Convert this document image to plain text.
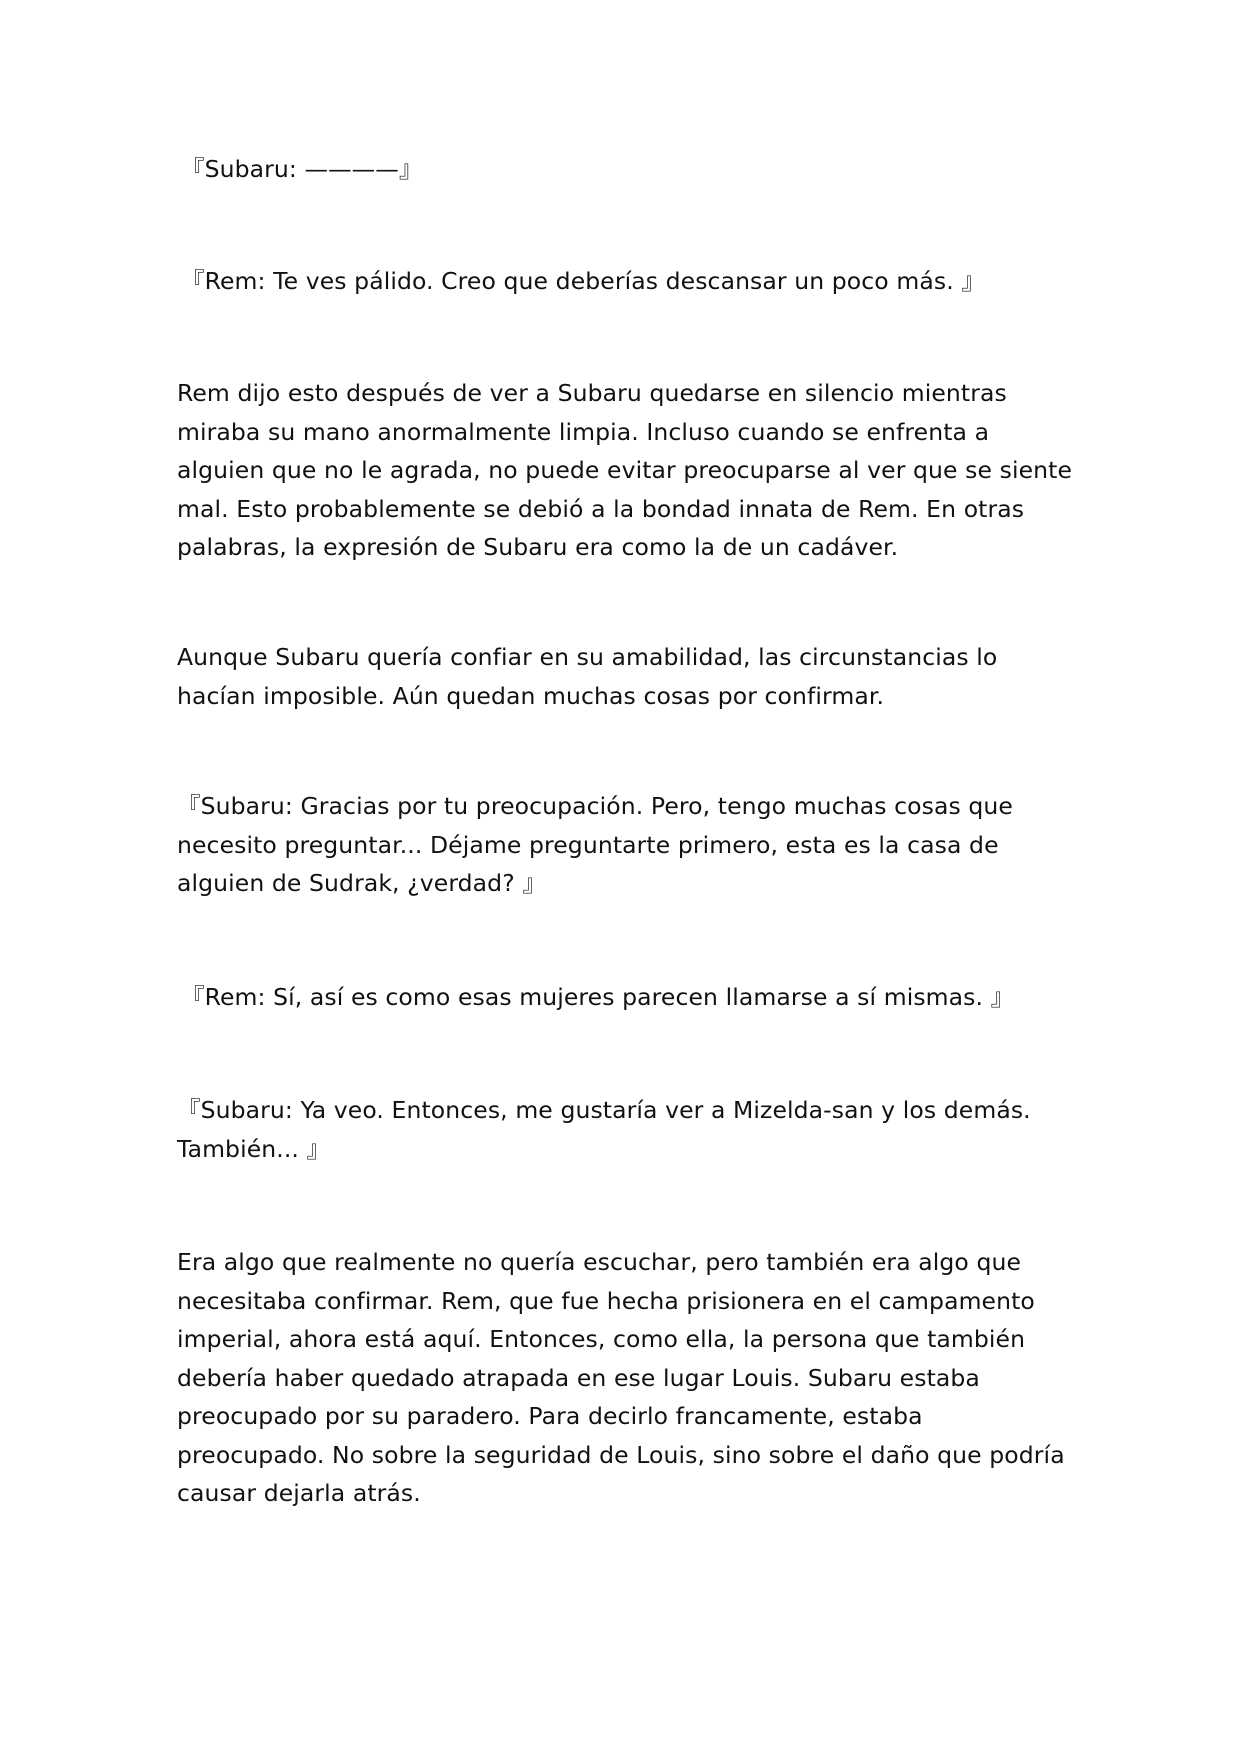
『Subaru: ————』

『Rem: Te ves pálido. Creo que deberías descansar un poco más. 』

Rem dijo esto después de ver a Subaru quedarse en silencio mientras miraba su mano anormalmente limpia. Incluso cuando se enfrenta a alguien que no le agrada, no puede evitar preocuparse al ver que se siente mal. Esto probablemente se debió a la bondad innata de Rem. En otras palabras, la expresión de Subaru era como la de un cadáver.

Aunque Subaru quería confiar en su amabilidad, las circunstancias lo hacían imposible. Aún quedan muchas cosas por confirmar.

『Subaru: Gracias por tu preocupación. Pero, tengo muchas cosas que necesito preguntar... Déjame preguntarte primero, esta es la casa de alguien de Sudrak, ¿verdad? 』

『Rem: Sí, así es como esas mujeres parecen llamarse a sí mismas. 』

『Subaru: Ya veo. Entonces, me gustaría ver a Mizelda-san y los demás. También... 』

Era algo que realmente no quería escuchar, pero también era algo que necesitaba confirmar. Rem, que fue hecha prisionera en el campamento imperial, ahora está aquí. Entonces, como ella, la persona que también debería haber quedado atrapada en ese lugar Louis. Subaru estaba preocupado por su paradero. Para decirlo francamente, estaba preocupado. No sobre la seguridad de Louis, sino sobre el daño que podría causar dejarla atrás.
